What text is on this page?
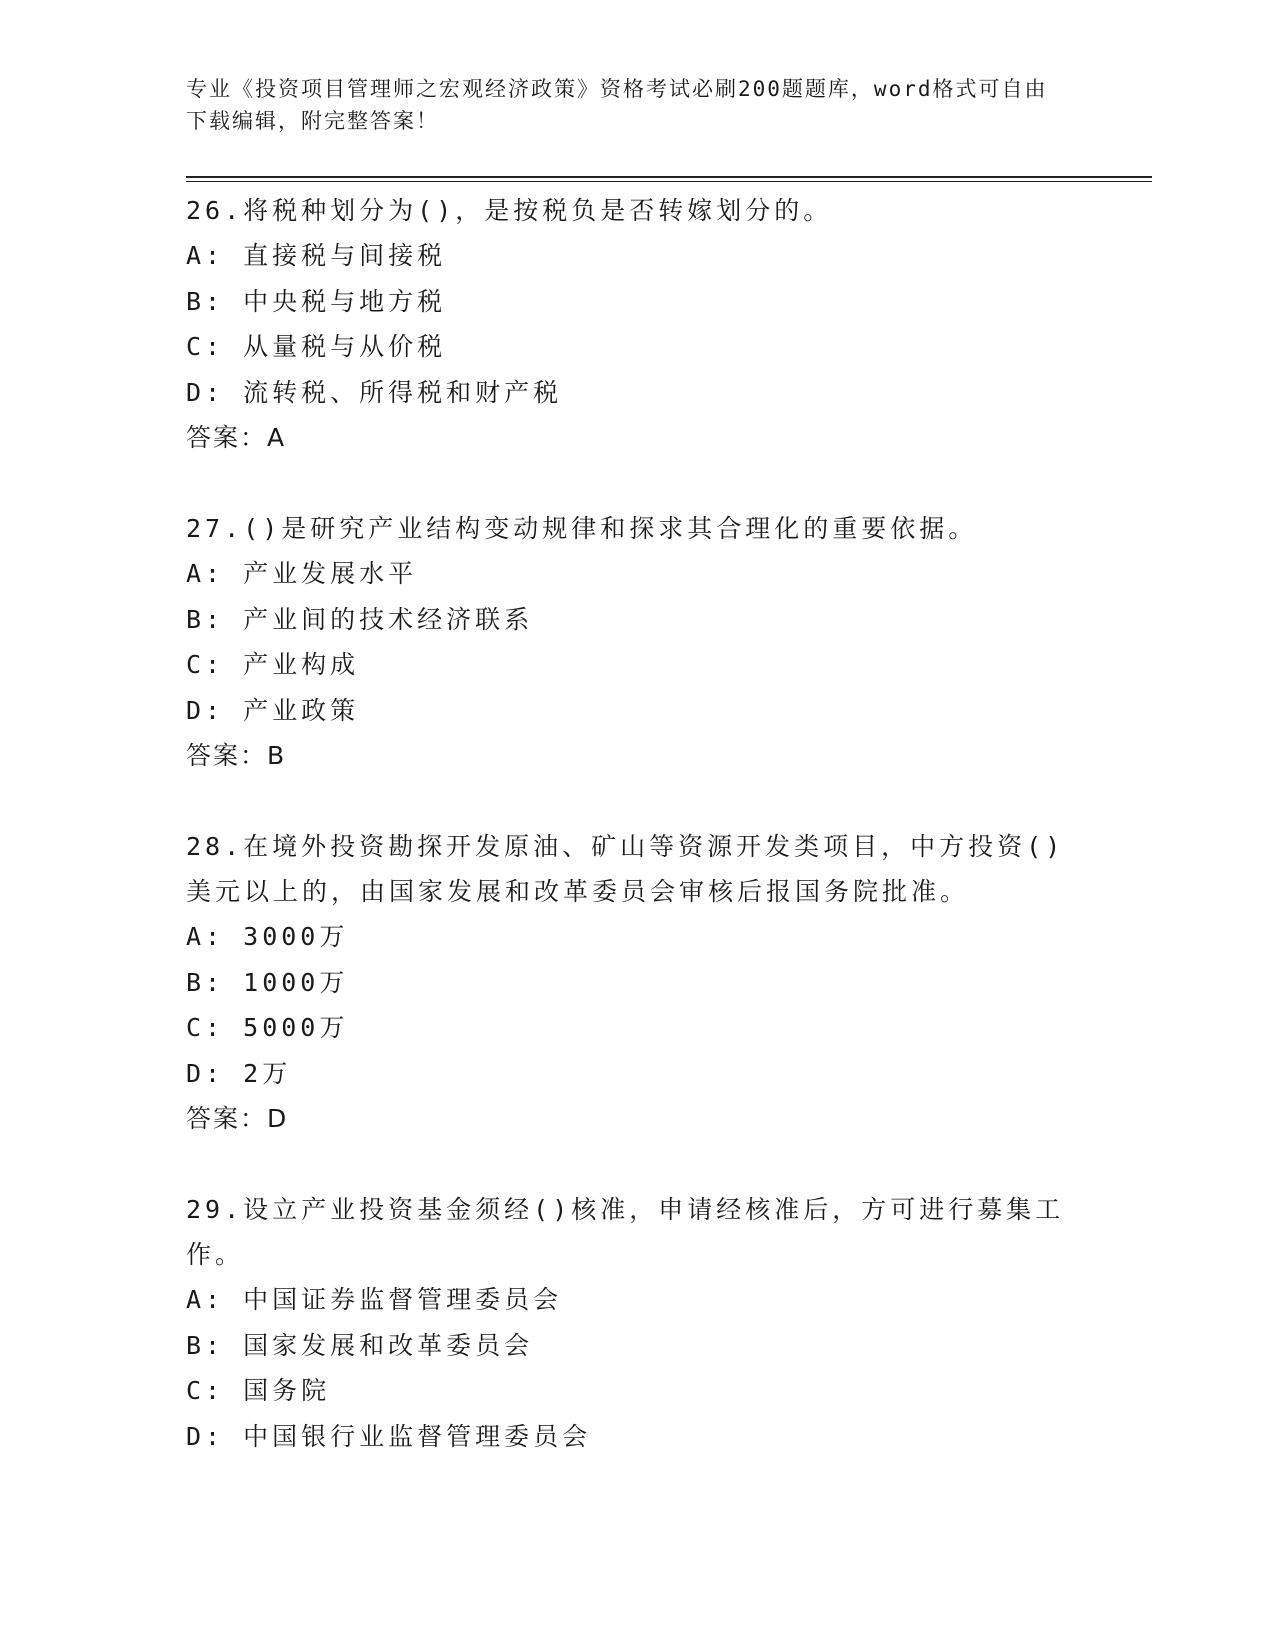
专业《投资项目管理师之宏观经济政策》资格考试必刷200题题库，word格式可自由下载编辑，附完整答案！
26.将税种划分为()，是按税负是否转嫁划分的。
A: 直接税与间接税
B: 中央税与地方税
C: 从量税与从价税
D: 流转税、所得税和财产税
答案：A
27.()是研究产业结构变动规律和探求其合理化的重要依据。
A: 产业发展水平
B: 产业间的技术经济联系
C: 产业构成
D: 产业政策
答案：B
28.在境外投资勘探开发原油、矿山等资源开发类项目，中方投资()美元以上的，由国家发展和改革委员会审核后报国务院批准。
A: 3000万
B: 1000万
C: 5000万
D: 2万
答案：D
29.设立产业投资基金须经()核准，申请经核准后，方可进行募集工作。
A: 中国证券监督管理委员会
B: 国家发展和改革委员会
C: 国务院
D: 中国银行业监督管理委员会
